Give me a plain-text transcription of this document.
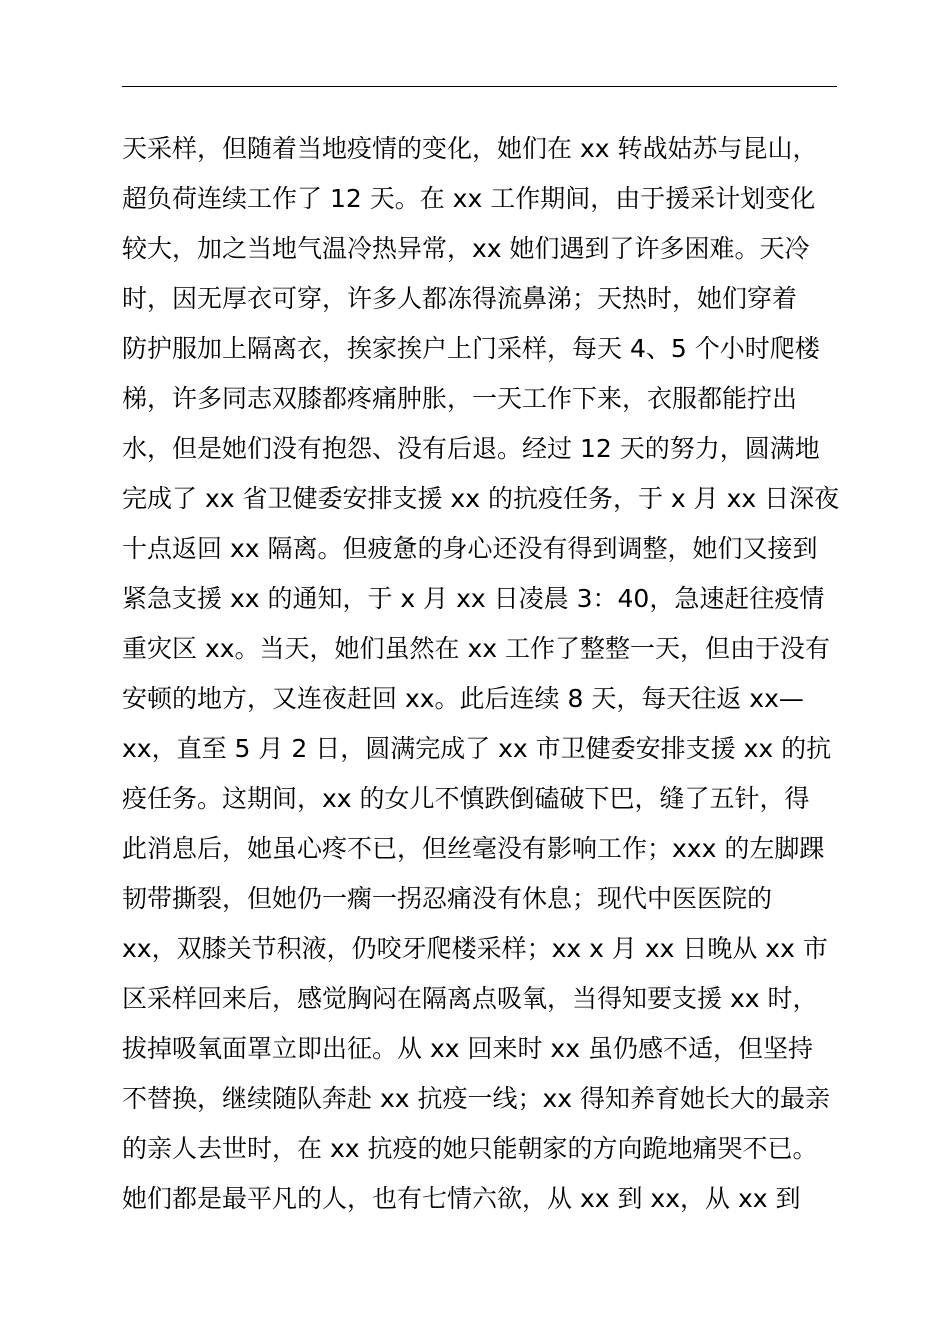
天采样，但随着当地疫情的变化，她们在 xx 转战姑苏与昆山，
超负荷连续工作了 12 天。在 xx 工作期间，由于援采计划变化
较大，加之当地气温冷热异常，xx 她们遇到了许多困难。天冷
时，因无厚衣可穿，许多人都冻得流鼻涕；天热时，她们穿着
防护服加上隔离衣，挨家挨户上门采样，每天 4、5 个小时爬楼
梯，许多同志双膝都疼痛肿胀，一天工作下来，衣服都能拧出
水，但是她们没有抱怨、没有后退。经过 12 天的努力，圆满地
完成了 xx 省卫健委安排支援 xx 的抗疫任务，于 x 月 xx 日深夜
十点返回 xx 隔离。但疲惫的身心还没有得到调整，她们又接到
紧急支援 xx 的通知，于 x 月 xx 日凌晨 3：40，急速赶往疫情
重灾区 xx。当天，她们虽然在 xx 工作了整整一天，但由于没有
安顿的地方，又连夜赶回 xx。此后连续 8 天，每天往返 xx—
xx，直至 5 月 2 日，圆满完成了 xx 市卫健委安排支援 xx 的抗
疫任务。这期间，xx 的女儿不慎跌倒磕破下巴，缝了五针，得
此消息后，她虽心疼不已，但丝毫没有影响工作；xxx 的左脚踝
韧带撕裂，但她仍一瘸一拐忍痛没有休息；现代中医医院的
xx，双膝关节积液，仍咬牙爬楼采样；xx x 月 xx 日晚从 xx 市
区采样回来后，感觉胸闷在隔离点吸氧，当得知要支援 xx 时，
拔掉吸氧面罩立即出征。从 xx 回来时 xx 虽仍感不适，但坚持
不替换，继续随队奔赴 xx 抗疫一线；xx 得知养育她长大的最亲
的亲人去世时，在 xx 抗疫的她只能朝家的方向跪地痛哭不已。
她们都是最平凡的人，也有七情六欲，从 xx 到 xx，从 xx 到
